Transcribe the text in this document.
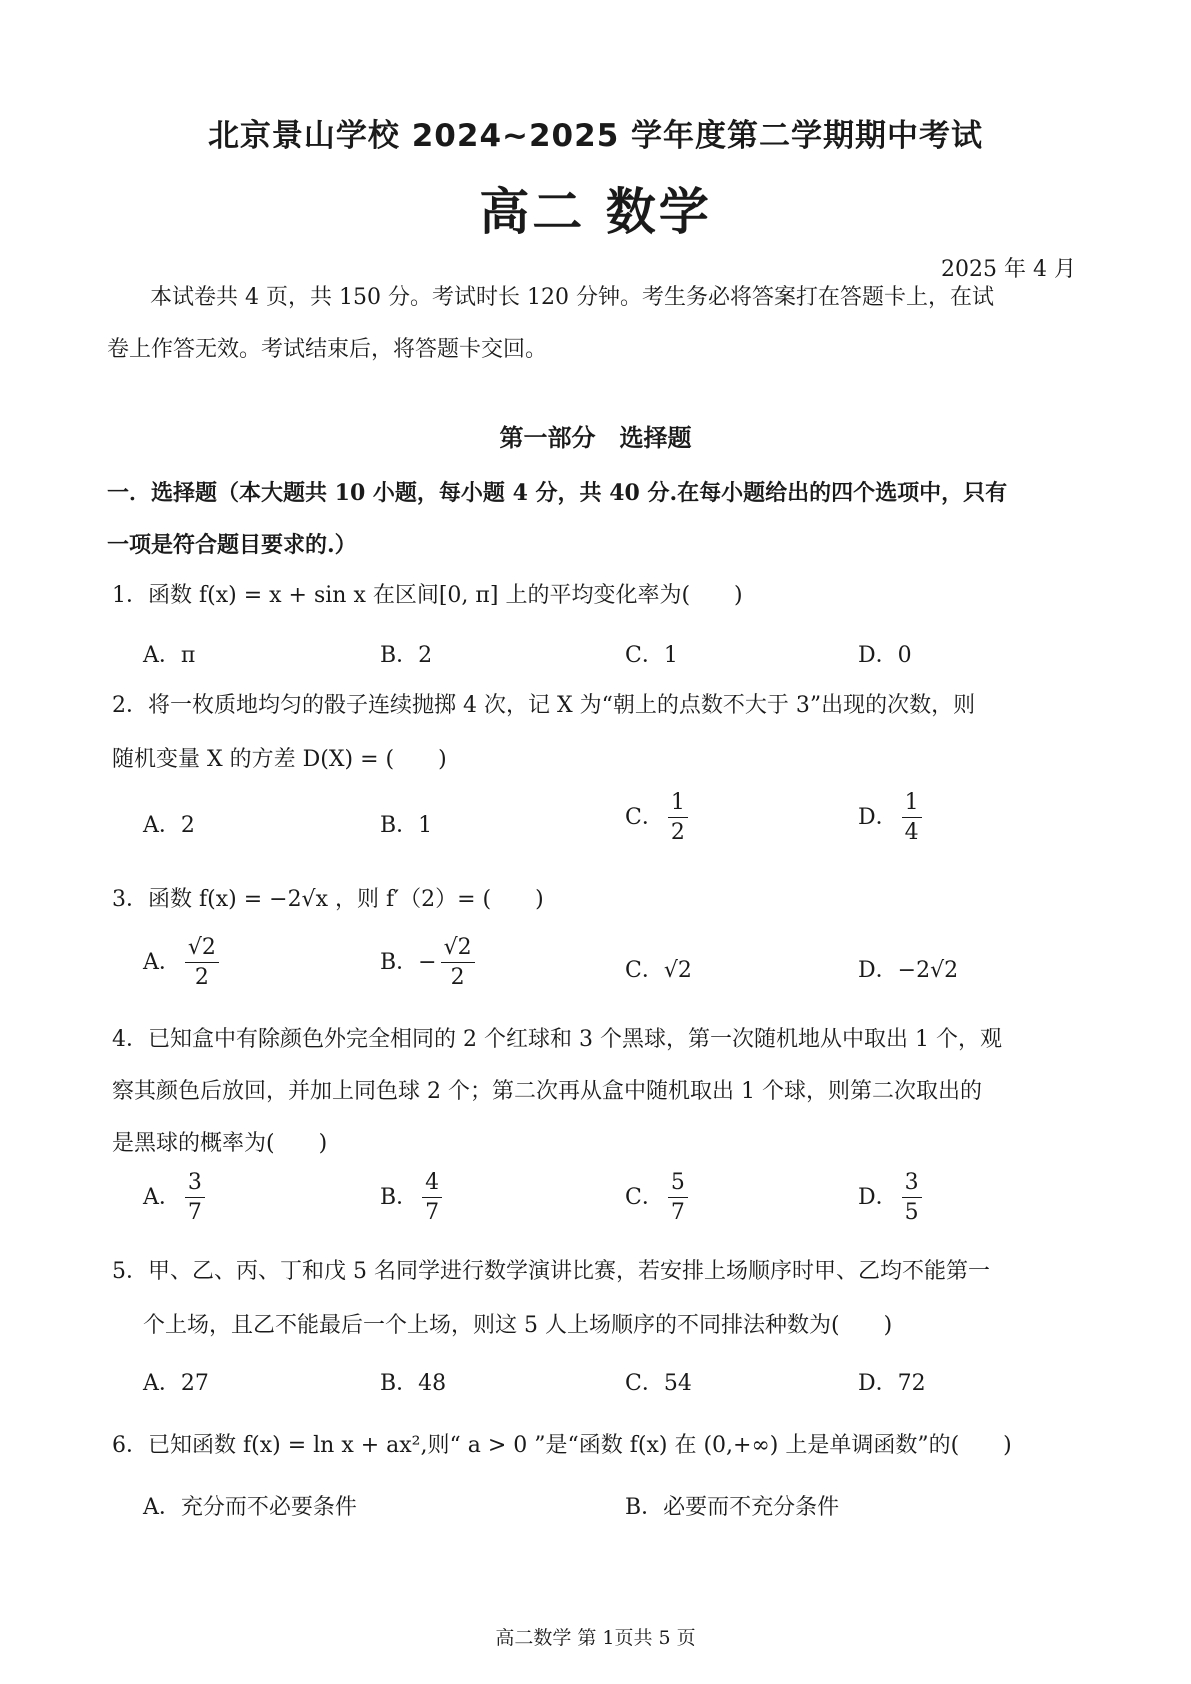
北京景山学校 2024~2025 学年度第二学期期中考试
高二 数学
2025 年 4 月
本试卷共 4 页，共 150 分。考试时长 120 分钟。考生务必将答案打在答题卡上，在试
卷上作答无效。考试结束后，将答题卡交回。
第一部分　选择题
一．选择题（本大题共 10 小题，每小题 4 分，共 40 分.在每小题给出的四个选项中，只有
一项是符合题目要求的.）
1．函数 f(x) = x + sin x 在区间[0, π] 上的平均变化率为(　　)
A．π	B．2	C．1	D．0
2．将一枚质地均匀的骰子连续抛掷 4 次，记 X 为“朝上的点数不大于 3”出现的次数，则
随机变量 X 的方差 D(X) = (　　)
A．2	B．1	C． $\frac{1}{2}$	D． $\frac{1}{4}$
3．函数 f(x) = −2√x ，则 f′（2）= (　　)
A． $\frac{√2}{2}$	B．− $\frac{√2}{2}$	C．√2	D．−2√2
4．已知盒中有除颜色外完全相同的 2 个红球和 3 个黑球，第一次随机地从中取出 1 个，观
察其颜色后放回，并加上同色球 2 个；第二次再从盒中随机取出 1 个球，则第二次取出的
是黑球的概率为(　　)
A． $\frac{3}{7}$	B． $\frac{4}{7}$	C． $\frac{5}{7}$	D． $\frac{3}{5}$
5．甲、乙、丙、丁和戊 5 名同学进行数学演讲比赛，若安排上场顺序时甲、乙均不能第一
个上场，且乙不能最后一个上场，则这 5 人上场顺序的不同排法种数为(　　)
A．27	B．48	C．54	D．72
6．已知函数 f(x) = ln x + ax²,则“ a > 0 ”是“函数 f(x) 在 (0,+∞) 上是单调函数”的(　　)
A．充分而不必要条件	B．必要而不充分条件
高二数学 第 1页共 5 页
